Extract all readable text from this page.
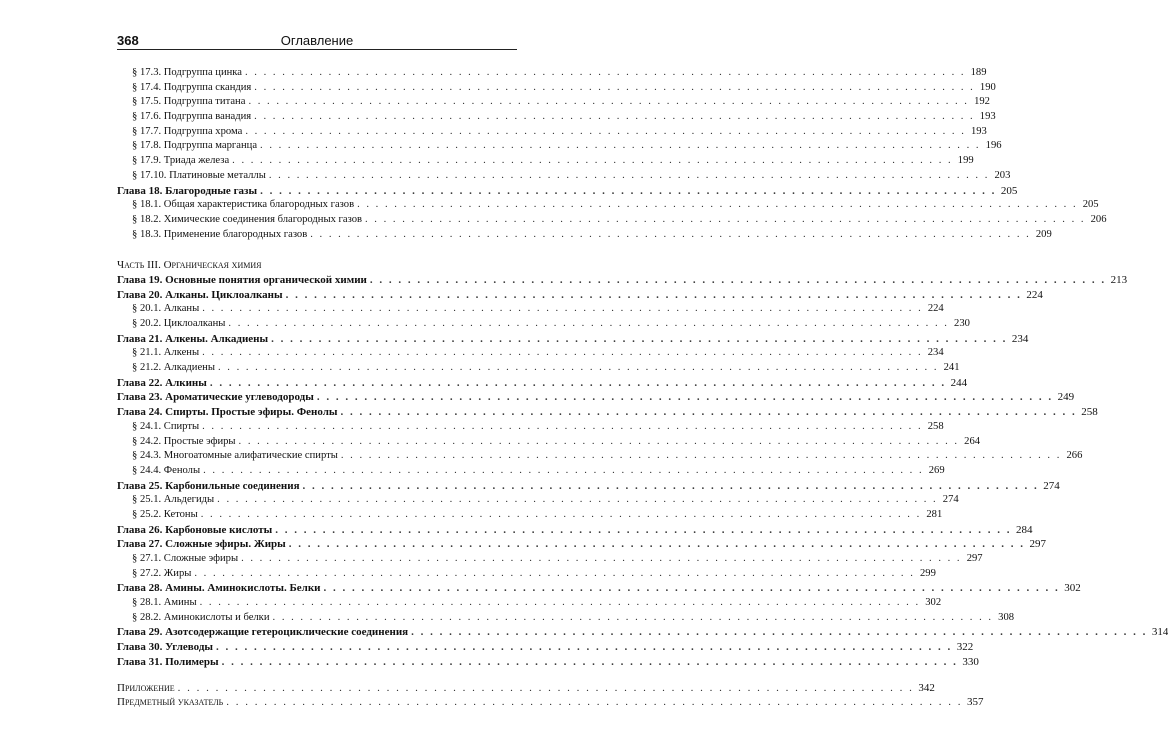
368	Оглавление
§ 17.3. Подгруппа цинка . . . . . . . . . . . . . . . . . . . . . . . . . . . . . . . . . . . . . . . . . . . . . . . . . . . . . . . . . . . . . . . . . . . . . . . . . . . . . . 189
§ 17.4. Подгруппа скандия . . . . . . . . . . . . . . . . . . . . . . . . . . . . . . . . . . . . . . . . . . . . . . . . . . . . . . . . . . . . . . . . . . . . . . . . . . . . . . 190
§ 17.5. Подгруппа титана . . . . . . . . . . . . . . . . . . . . . . . . . . . . . . . . . . . . . . . . . . . . . . . . . . . . . . . . . . . . . . . . . . . . . . . . . . . . . . 192
§ 17.6. Подгруппа ванадия . . . . . . . . . . . . . . . . . . . . . . . . . . . . . . . . . . . . . . . . . . . . . . . . . . . . . . . . . . . . . . . . . . . . . . . . . . . . . . 193
§ 17.7. Подгруппа хрома . . . . . . . . . . . . . . . . . . . . . . . . . . . . . . . . . . . . . . . . . . . . . . . . . . . . . . . . . . . . . . . . . . . . . . . . . . . . . . 193
§ 17.8. Подгруппа марганца . . . . . . . . . . . . . . . . . . . . . . . . . . . . . . . . . . . . . . . . . . . . . . . . . . . . . . . . . . . . . . . . . . . . . . . . . . . . . . 196
§ 17.9. Триада железа . . . . . . . . . . . . . . . . . . . . . . . . . . . . . . . . . . . . . . . . . . . . . . . . . . . . . . . . . . . . . . . . . . . . . . . . . . . . . . 199
§ 17.10. Платиновые металлы . . . . . . . . . . . . . . . . . . . . . . . . . . . . . . . . . . . . . . . . . . . . . . . . . . . . . . . . . . . . . . . . . . . . . . . . . . . . . . 203
Глава 18. Благородные газы . . . . . . . . . . . . . . . . . . . . . . . . . . . . . . . . . . . . . . . . . . . . . . . . . . . . . . . . . . . . . . . . . . . . . . . . . . . . . . 205
§ 18.1. Общая характеристика благородных газов . . . . . . . . . . . . . . . . . . . . . . . . . . . . . . . . . . . . . . . . . . . . . . . . . . . . . . . . . . . . . . . . . . . . . . . . . . . . . . 205
§ 18.2. Химические соединения благородных газов . . . . . . . . . . . . . . . . . . . . . . . . . . . . . . . . . . . . . . . . . . . . . . . . . . . . . . . . . . . . . . . . . . . . . . . . . . . . . . 206
§ 18.3. Применение благородных газов . . . . . . . . . . . . . . . . . . . . . . . . . . . . . . . . . . . . . . . . . . . . . . . . . . . . . . . . . . . . . . . . . . . . . . . . . . . . . . 209
Часть III. Органическая химия
Глава 19. Основные понятия органической химии . . . . . . . . . . . . . . . . . . . . . . . . . . . . . . . . . . . . . . . . . . . . . . . . . . . . . . . . . . . . . . . . . . . . . . . . . . . . . . 213
Глава 20. Алканы. Циклоалканы . . . . . . . . . . . . . . . . . . . . . . . . . . . . . . . . . . . . . . . . . . . . . . . . . . . . . . . . . . . . . . . . . . . . . . . . . . . . . . 224
§ 20.1. Алканы . . . . . . . . . . . . . . . . . . . . . . . . . . . . . . . . . . . . . . . . . . . . . . . . . . . . . . . . . . . . . . . . . . . . . . . . . . . . . . 224
§ 20.2. Циклоалканы . . . . . . . . . . . . . . . . . . . . . . . . . . . . . . . . . . . . . . . . . . . . . . . . . . . . . . . . . . . . . . . . . . . . . . . . . . . . . . 230
Глава 21. Алкены. Алкадиены . . . . . . . . . . . . . . . . . . . . . . . . . . . . . . . . . . . . . . . . . . . . . . . . . . . . . . . . . . . . . . . . . . . . . . . . . . . . . . 234
§ 21.1. Алкены . . . . . . . . . . . . . . . . . . . . . . . . . . . . . . . . . . . . . . . . . . . . . . . . . . . . . . . . . . . . . . . . . . . . . . . . . . . . . . 234
§ 21.2. Алкадиены . . . . . . . . . . . . . . . . . . . . . . . . . . . . . . . . . . . . . . . . . . . . . . . . . . . . . . . . . . . . . . . . . . . . . . . . . . . . . . 241
Глава 22. Алкины . . . . . . . . . . . . . . . . . . . . . . . . . . . . . . . . . . . . . . . . . . . . . . . . . . . . . . . . . . . . . . . . . . . . . . . . . . . . . . 244
Глава 23. Ароматические углеводороды . . . . . . . . . . . . . . . . . . . . . . . . . . . . . . . . . . . . . . . . . . . . . . . . . . . . . . . . . . . . . . . . . . . . . . . . . . . . . . 249
Глава 24. Спирты. Простые эфиры. Фенолы . . . . . . . . . . . . . . . . . . . . . . . . . . . . . . . . . . . . . . . . . . . . . . . . . . . . . . . . . . . . . . . . . . . . . . . . . . . . . . 258
§ 24.1. Спирты . . . . . . . . . . . . . . . . . . . . . . . . . . . . . . . . . . . . . . . . . . . . . . . . . . . . . . . . . . . . . . . . . . . . . . . . . . . . . . 258
§ 24.2. Простые эфиры . . . . . . . . . . . . . . . . . . . . . . . . . . . . . . . . . . . . . . . . . . . . . . . . . . . . . . . . . . . . . . . . . . . . . . . . . . . . . . 264
§ 24.3. Многоатомные алифатические спирты . . . . . . . . . . . . . . . . . . . . . . . . . . . . . . . . . . . . . . . . . . . . . . . . . . . . . . . . . . . . . . . . . . . . . . . . . . . . . . 266
§ 24.4. Фенолы . . . . . . . . . . . . . . . . . . . . . . . . . . . . . . . . . . . . . . . . . . . . . . . . . . . . . . . . . . . . . . . . . . . . . . . . . . . . . . 269
Глава 25. Карбонильные соединения . . . . . . . . . . . . . . . . . . . . . . . . . . . . . . . . . . . . . . . . . . . . . . . . . . . . . . . . . . . . . . . . . . . . . . . . . . . . . . 274
§ 25.1. Альдегиды . . . . . . . . . . . . . . . . . . . . . . . . . . . . . . . . . . . . . . . . . . . . . . . . . . . . . . . . . . . . . . . . . . . . . . . . . . . . . . 274
§ 25.2. Кетоны . . . . . . . . . . . . . . . . . . . . . . . . . . . . . . . . . . . . . . . . . . . . . . . . . . . . . . . . . . . . . . . . . . . . . . . . . . . . . . 281
Глава 26. Карбоновые кислоты . . . . . . . . . . . . . . . . . . . . . . . . . . . . . . . . . . . . . . . . . . . . . . . . . . . . . . . . . . . . . . . . . . . . . . . . . . . . . . 284
Глава 27. Сложные эфиры. Жиры . . . . . . . . . . . . . . . . . . . . . . . . . . . . . . . . . . . . . . . . . . . . . . . . . . . . . . . . . . . . . . . . . . . . . . . . . . . . . . 297
§ 27.1. Сложные эфиры . . . . . . . . . . . . . . . . . . . . . . . . . . . . . . . . . . . . . . . . . . . . . . . . . . . . . . . . . . . . . . . . . . . . . . . . . . . . . . 297
§ 27.2. Жиры . . . . . . . . . . . . . . . . . . . . . . . . . . . . . . . . . . . . . . . . . . . . . . . . . . . . . . . . . . . . . . . . . . . . . . . . . . . . . . 299
Глава 28. Амины. Аминокислоты. Белки . . . . . . . . . . . . . . . . . . . . . . . . . . . . . . . . . . . . . . . . . . . . . . . . . . . . . . . . . . . . . . . . . . . . . . . . . . . . . . 302
§ 28.1. Амины . . . . . . . . . . . . . . . . . . . . . . . . . . . . . . . . . . . . . . . . . . . . . . . . . . . . . . . . . . . . . . . . . . . . . . . . . . . . . . 302
§ 28.2. Аминокислоты и белки . . . . . . . . . . . . . . . . . . . . . . . . . . . . . . . . . . . . . . . . . . . . . . . . . . . . . . . . . . . . . . . . . . . . . . . . . . . . . . 308
Глава 29. Азотсодержащие гетероциклические соединения . . . . . . . . . . . . . . . . . . . . . . . . . . . . . . . . . . . . . . . . . . . . . . . . . . . . . . . . . . . . . . . . . . . . . . . . . . . . . . 314
Глава 30. Углеводы . . . . . . . . . . . . . . . . . . . . . . . . . . . . . . . . . . . . . . . . . . . . . . . . . . . . . . . . . . . . . . . . . . . . . . . . . . . . . . 322
Глава 31. Полимеры . . . . . . . . . . . . . . . . . . . . . . . . . . . . . . . . . . . . . . . . . . . . . . . . . . . . . . . . . . . . . . . . . . . . . . . . . . . . . . 330
Приложение . . . . . . . . . . . . . . . . . . . . . . . . . . . . . . . . . . . . . . . . . . . . . . . . . . . . . . . . . . . . . . . . . . . . . . . . . . . . . . 342
Предметный указатель . . . . . . . . . . . . . . . . . . . . . . . . . . . . . . . . . . . . . . . . . . . . . . . . . . . . . . . . . . . . . . . . . . . . . . . . . . . . . . 357
